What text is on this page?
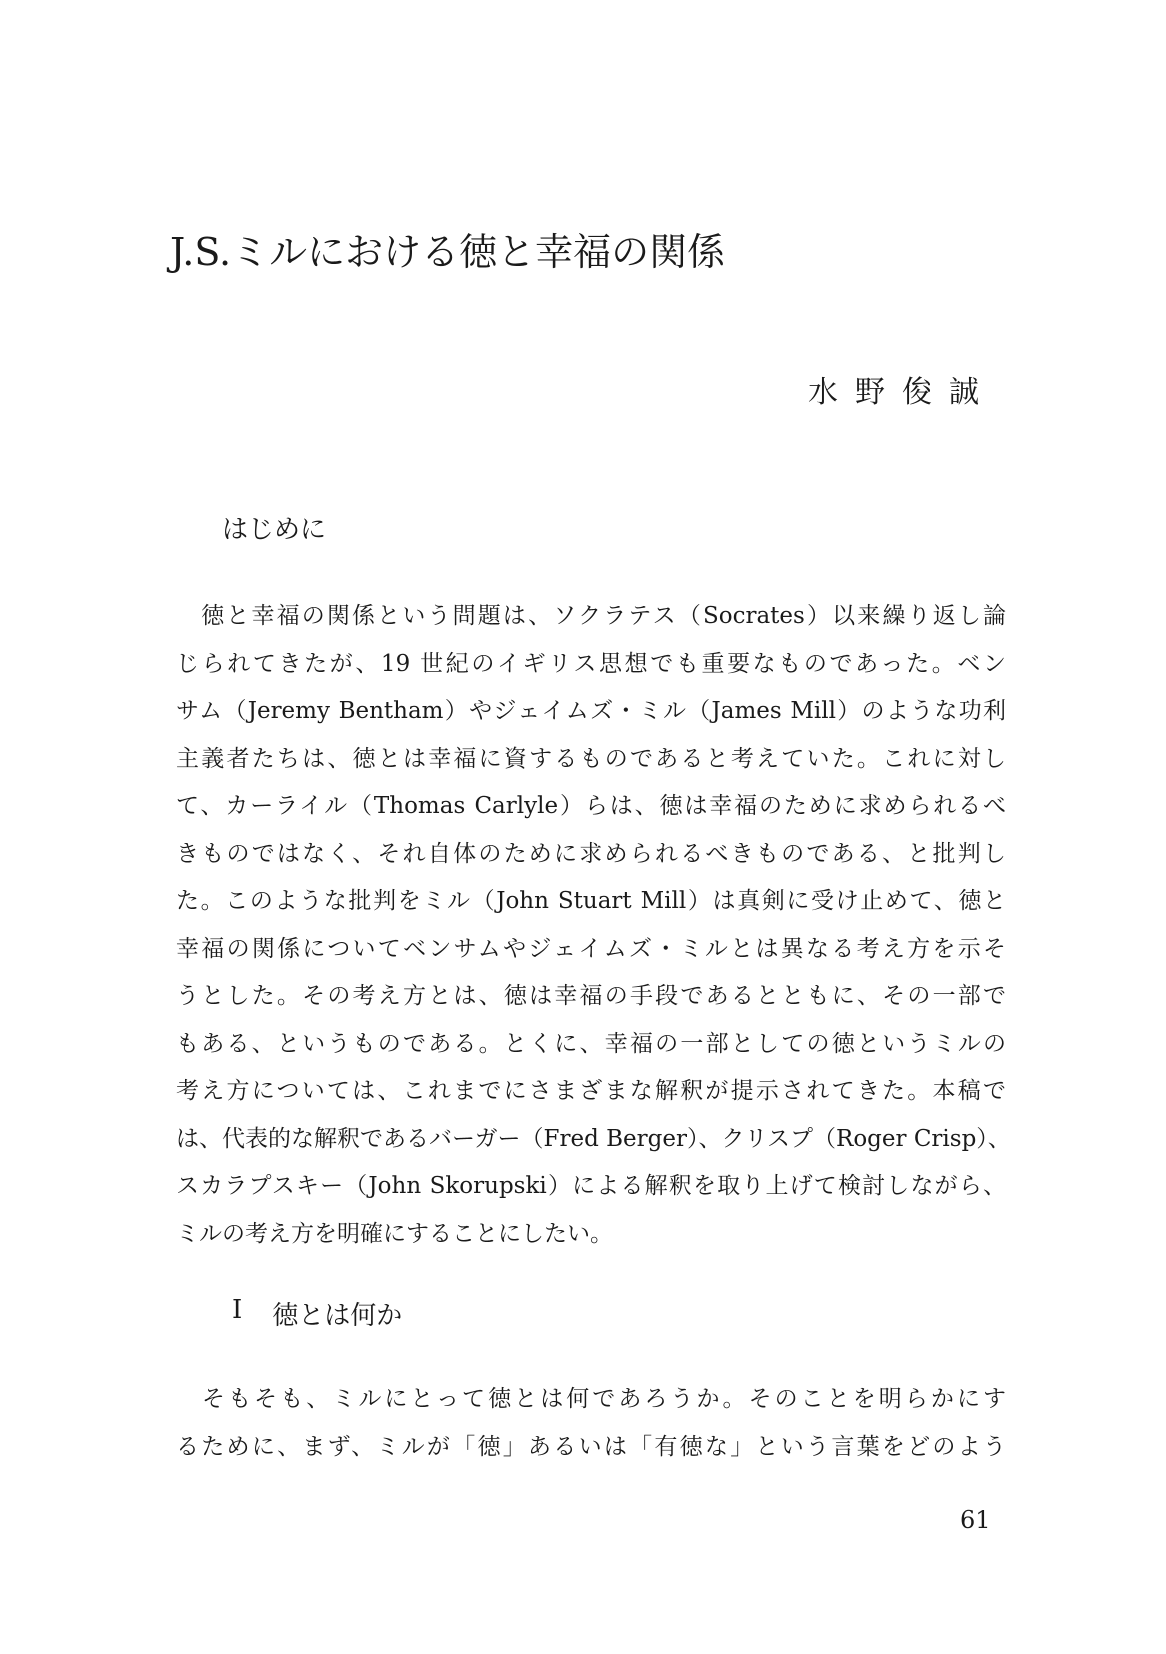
J.S.ミルにおける徳と幸福の関係
水野俊誠
はじめに
　徳と幸福の関係という問題は、ソクラテス（Socrates）以来繰り返し論
じられてきたが、19 世紀のイギリス思想でも重要なものであった。ベン
サム（Jeremy Bentham）やジェイムズ・ミル（James Mill）のような功利
主義者たちは、徳とは幸福に資するものであると考えていた。これに対し
て、カーライル（Thomas Carlyle）らは、徳は幸福のために求められるべ
きものではなく、それ自体のために求められるべきものである、と批判し
た。このような批判をミル（John Stuart Mill）は真剣に受け止めて、徳と
幸福の関係についてベンサムやジェイムズ・ミルとは異なる考え方を示そ
うとした。その考え方とは、徳は幸福の手段であるとともに、その一部で
もある、というものである。とくに、幸福の一部としての徳というミルの
考え方については、これまでにさまざまな解釈が提示されてきた。本稿で
は、代表的な解釈であるバーガー（Fred Berger）、クリスプ（Roger Crisp）、
スカラプスキー（John Skorupski）による解釈を取り上げて検討しながら、
ミルの考え方を明確にすることにしたい。
I 徳とは何か
　そもそも、ミルにとって徳とは何であろうか。そのことを明らかにす
るために、まず、ミルが「徳」あるいは「有徳な」という言葉をどのよう
61
